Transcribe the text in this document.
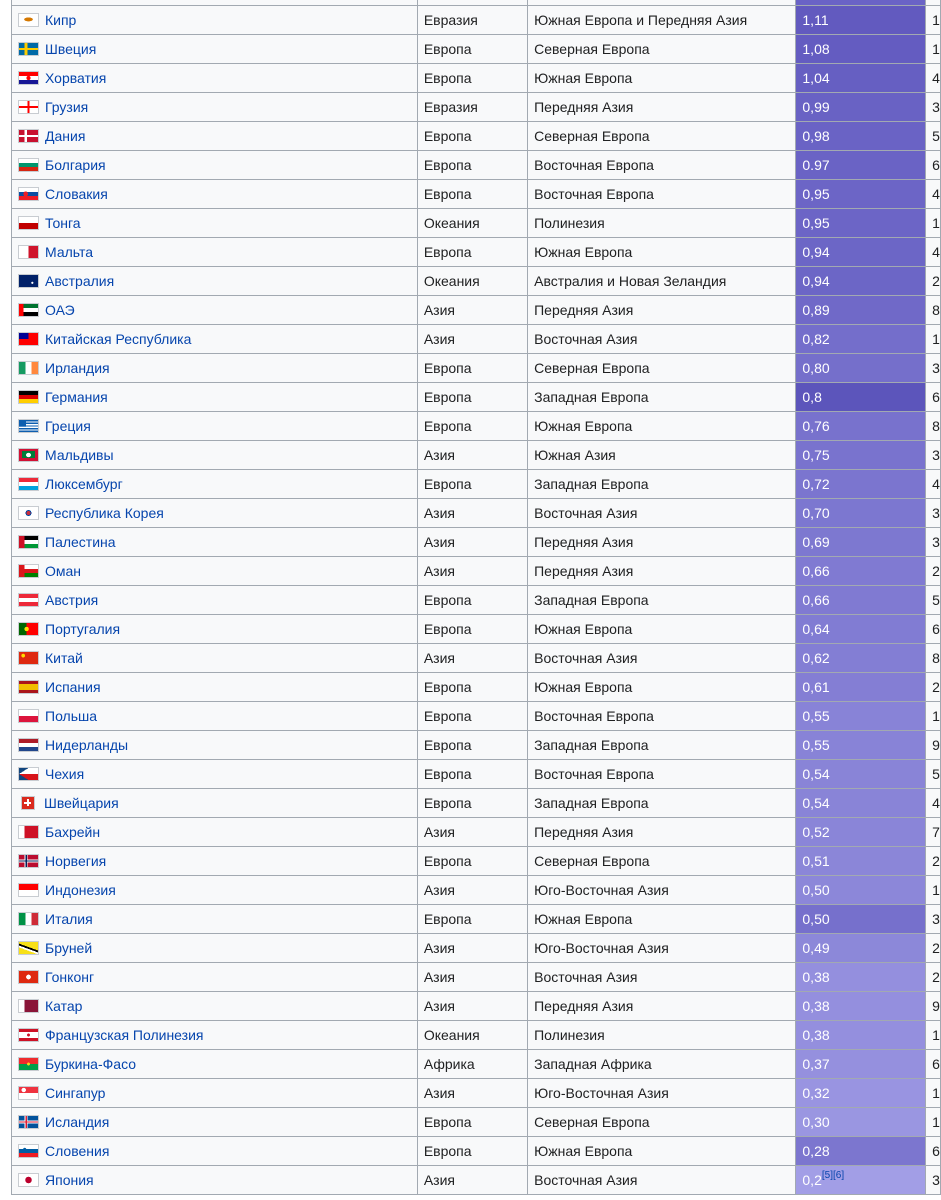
Кипр	Евразия	Южная Европа и Передняя Азия	1,11	1
Швеция	Европа	Северная Европа	1,08	1
Хорватия	Европа	Южная Европа	1,04	4
Грузия	Евразия	Передняя Азия	0,99	3
Дания	Европа	Северная Европа	0,98	5
Болгария	Европа	Восточная Европа	0.97	6
Словакия	Европа	Восточная Европа	0,95	4
Тонга	Океания	Полинезия	0,95	1
Мальта	Европа	Южная Европа	0,94	4
Австралия	Океания	Австралия и Новая Зеландия	0,94	2
ОАЭ	Азия	Передняя Азия	0,89	8
Китайская Республика	Азия	Восточная Азия	0,82	1
Ирландия	Европа	Северная Европа	0,80	3
Германия	Европа	Западная Европа	0,8	6
Греция	Европа	Южная Европа	0,76	8
Мальдивы	Азия	Южная Азия	0,75	3
Люксембург	Европа	Западная Европа	0,72	4
Республика Корея	Азия	Восточная Азия	0,70	3
Палестина	Азия	Передняя Азия	0,69	3
Оман	Азия	Передняя Азия	0,66	2
Австрия	Европа	Западная Европа	0,66	5
Португалия	Европа	Южная Европа	0,64	6
Китай	Азия	Восточная Азия	0,62	8
Испания	Европа	Южная Европа	0,61	2
Польша	Европа	Восточная Европа	0,55	1
Нидерланды	Европа	Западная Европа	0,55	9
Чехия	Европа	Восточная Европа	0,54	5
Швейцария	Европа	Западная Европа	0,54	4
Бахрейн	Азия	Передняя Азия	0,52	7
Норвегия	Европа	Северная Европа	0,51	2
Индонезия	Азия	Юго-Восточная Азия	0,50	1
Италия	Европа	Южная Европа	0,50	3
Бруней	Азия	Юго-Восточная Азия	0,49	2
Гонконг	Азия	Восточная Азия	0,38	2
Катар	Азия	Передняя Азия	0,38	9
Французская Полинезия	Океания	Полинезия	0,38	1
Буркина-Фасо	Африка	Западная Африка	0,37	6
Сингапур	Азия	Юго-Восточная Азия	0,32	1
Исландия	Европа	Северная Европа	0,30	1
Словения	Европа	Южная Европа	0,28	6
Япония	Азия	Восточная Азия	0,2[5][6]	3
